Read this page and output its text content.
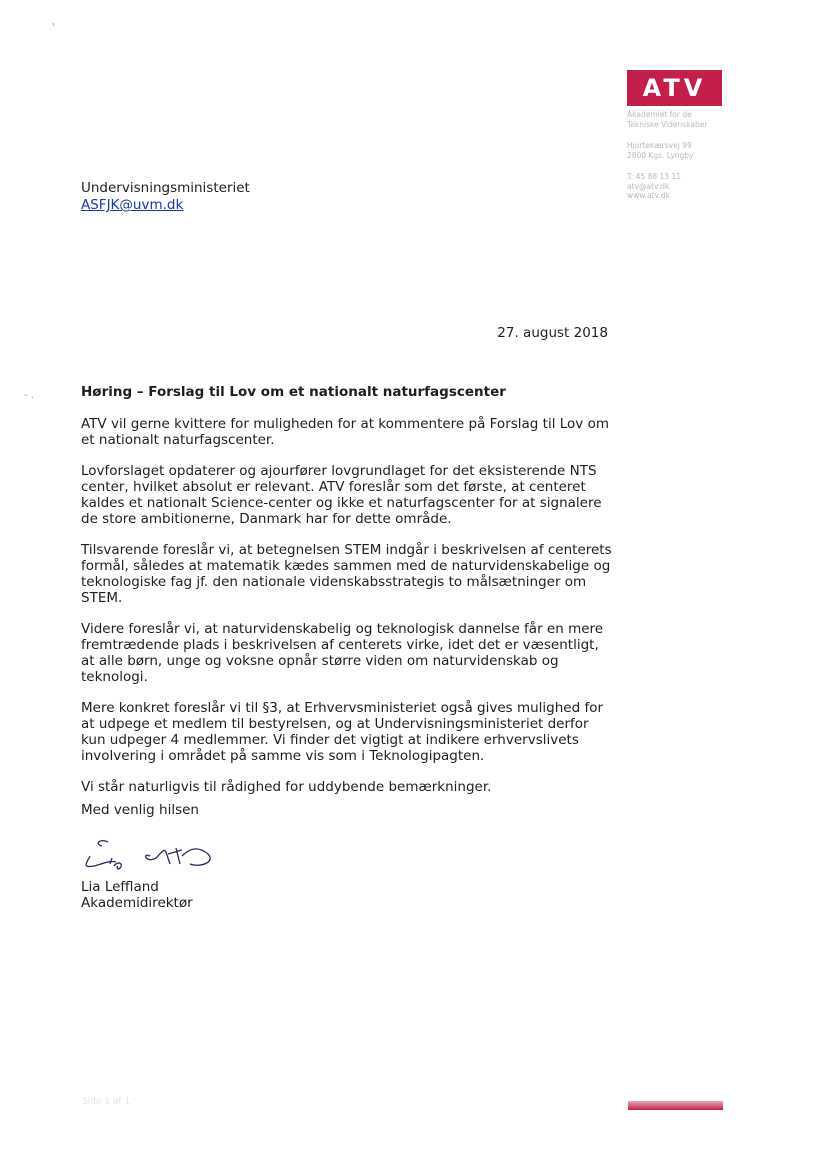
'
- .
ATV
Akademiet for de
Tekniske Videnskaber
Hjortekærsvej 99
2800 Kgs. Lyngby
T: 45 88 13 11
atv@atv.dk
www.atv.dk
Undervisningsministeriet
ASFJK@uvm.dk
27. august 2018
Høring – Forslag til Lov om et nationalt naturfagscenter

ATV vil gerne kvittere for muligheden for at kommentere på Forslag til Lov om et nationalt naturfagscenter.

Lovforslaget opdaterer og ajourfører lovgrundlaget for det eksisterende NTS center, hvilket absolut er relevant. ATV foreslår som det første, at centeret kaldes et nationalt Science-center og ikke et naturfagscenter for at signalere de store ambitionerne, Danmark har for dette område.

Tilsvarende foreslår vi, at betegnelsen STEM indgår i beskrivelsen af centerets formål, således at matematik kædes sammen med de naturvidenskabelige og teknologiske fag jf. den nationale videnskabsstrategis to målsætninger om STEM.

Videre foreslår vi, at naturvidenskabelig og teknologisk dannelse får en mere fremtrædende plads i beskrivelsen af centerets virke, idet det er væsentligt, at alle børn, unge og voksne opnår større viden om naturvidenskab og teknologi.

Mere konkret foreslår vi til §3, at Erhvervsministeriet også gives mulighed for at udpege et medlem til bestyrelsen, og at Undervisningsministeriet derfor kun udpeger 4 medlemmer. Vi finder det vigtigt at indikere erhvervslivets involvering i området på samme vis som i Teknologipagten.

Vi står naturligvis til rådighed for uddybende bemærkninger.

Med venlig hilsen
Lia Leffland
Akademidirektør
Side 1 af 1
